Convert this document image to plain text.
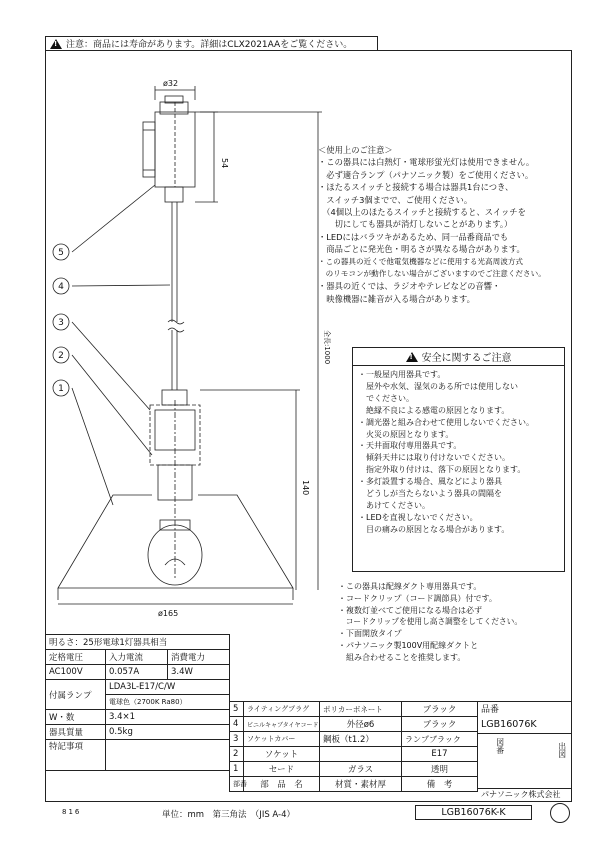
!
注意：商品には寿命があります。詳細はCLX2021AAをご覧ください。
ø32
54
全長:1000
140
ø165
5
4
3
2
1
＜使用上のご注意＞
・この器具には白熱灯・電球形蛍光灯は使用できません。
　必ず適合ランプ（パナソニック製）をご使用ください。
・ほたるスイッチと接続する場合は器具1台につき、
　スイッチ3個までで、ご使用ください。
　（4個以上のほたるスイッチと接続すると、スイッチを
　　切にしても器具が消灯しないことがあります。）
・LEDにはバラツキがあるため、同一品番商品でも
　商品ごとに発光色・明るさが異なる場合があります。
・この器具の近くで他電気機器などに使用する光高周波方式
　のリモコンが動作しない場合がございますのでご注意ください。
・器具の近くでは、ラジオやテレビなどの音響・
　映像機器に雑音が入る場合があります。
!
安全に関するご注意
・一般屋内用器具です。
　屋外や水気、湿気のある所では使用しない
　でください。
　絶縁不良による感電の原因となります。
・調光器と組み合わせて使用しないでください。
　火災の原因となります。
・天井面取付専用器具です。
　傾斜天井には取り付けないでください。
　指定外取り付けは、落下の原因となります。
・多灯設置する場合、風などにより器具
　どうしが当たらないよう器具の間隔を
　あけてください。
・LEDを直視しないでください。
　目の痛みの原因となる場合があります。
・この器具は配線ダクト専用器具です。
・コードクリップ（コード調節具）付です。
・複数灯並べてご使用になる場合は必ず
　コードクリップを使用し高さ調整をしてください。
・下面開放タイプ
・パナソニック製100V用配線ダクトと
　組み合わせることを推奨します。
明るさ：25形電球1灯器具相当		
定格電圧	入力電流	消費電力
AC100V	0.057A	3.4W
付属ランプ	LDA3L-E17/C/W	
	電球色（2700K Ra80）	
W・数	3.4×1	
器具質量	0.5kg	
特記事項		
5	ライティングプラグ	ポリカーボネート	ブラック
4	ビニルキャブタイヤコード	外径ø6	ブラック
3	ソケットカバー	鋼板（t1.2）	ランプブラック
2	ソケット		E17
1	セード	ガラス	透明
部番	部　品　名	材質・素材厚	備　考
品番
LGB16076K
図番	出図
パナソニック株式会社
816	単位：mm　第三角法　（JIS A-4）	LGB16076K-K
